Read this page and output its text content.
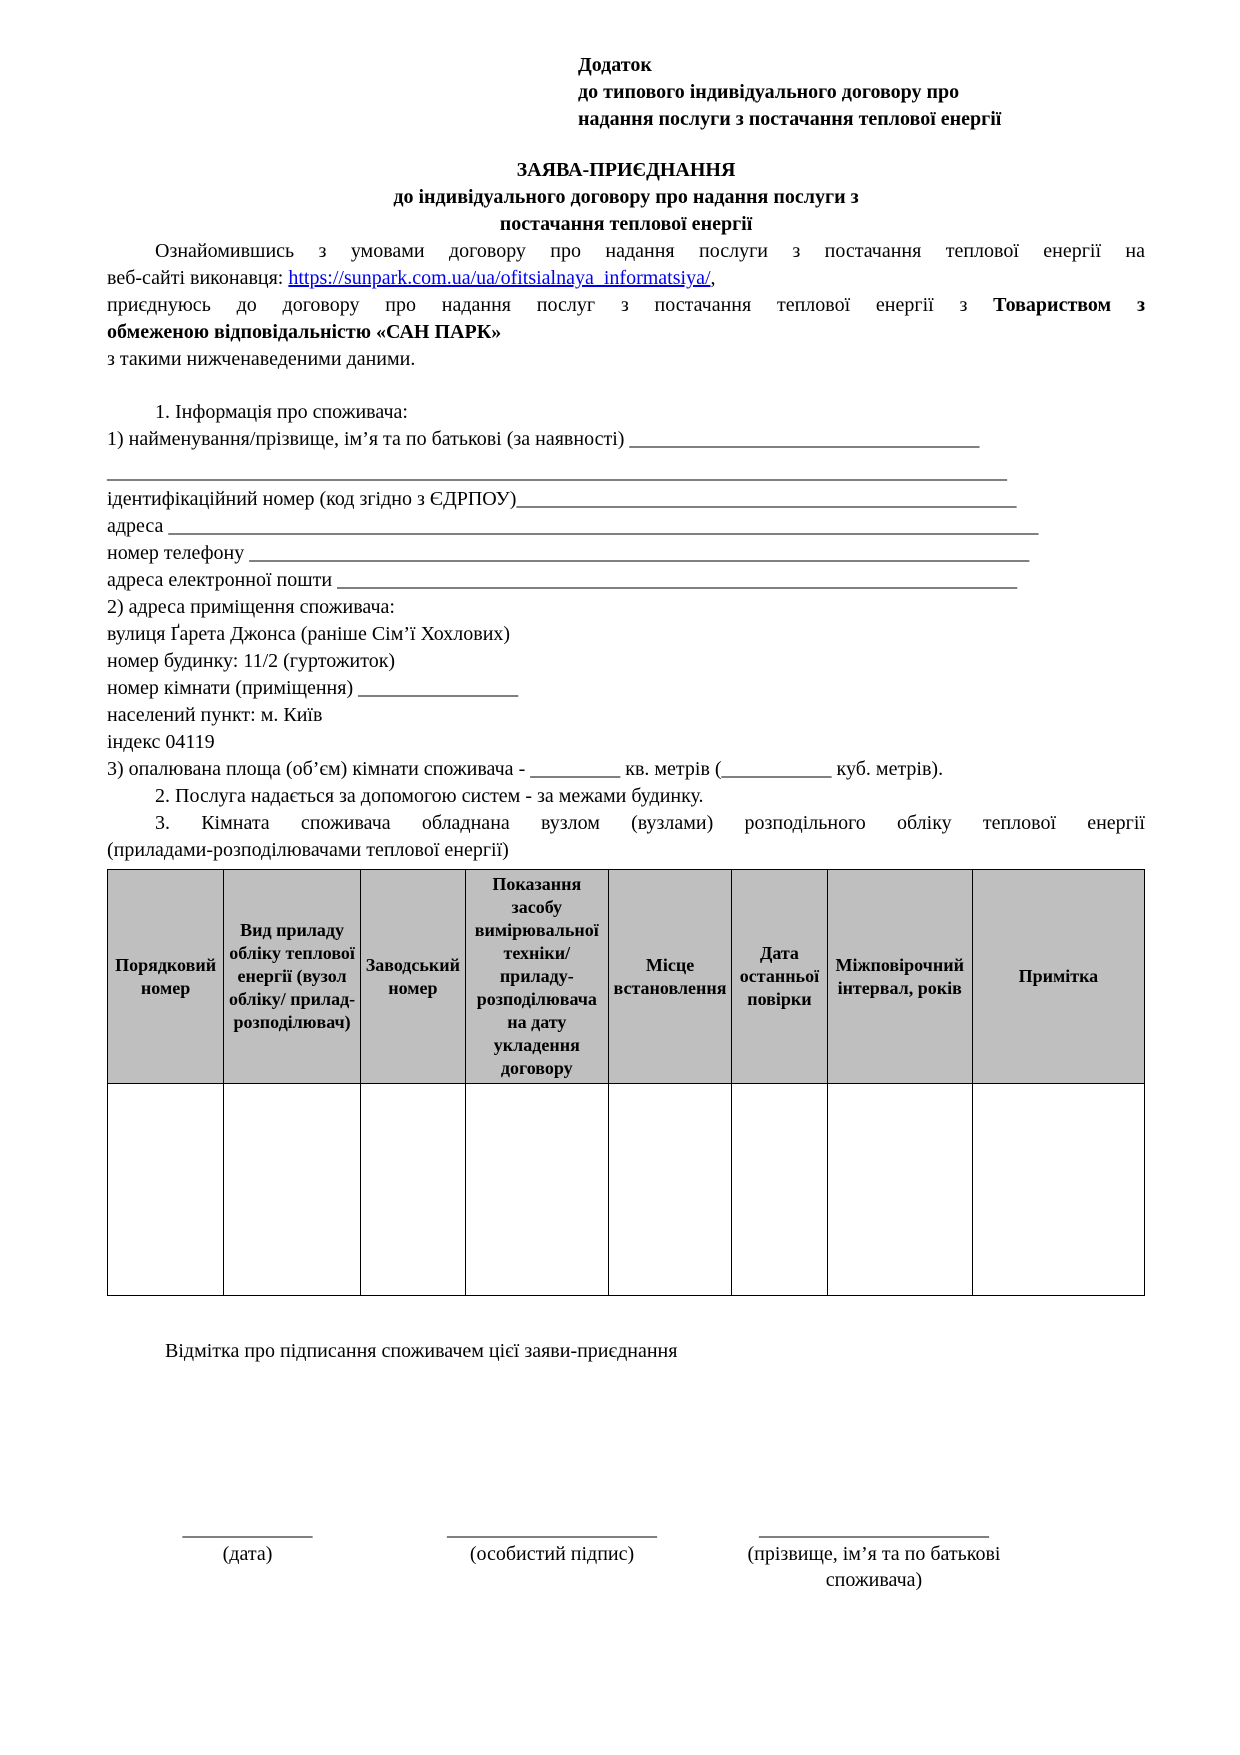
Додаток
до типового індивідуального договору про
надання послуги з постачання теплової енергії
ЗАЯВА-ПРИЄДНАННЯ
до індивідуального договору про надання послуги з
постачання теплової енергії
Ознайомившись з умовами договору про надання послуги з постачання теплової енергії на
веб-сайті виконавця: https://sunpark.com.ua/ua/ofitsialnaya_informatsiya/,
приєднуюсь до договору про надання послуг з постачання теплової енергії з Товариством з
обмеженою відповідальністю «САН ПАРК»
з такими нижченаведеними даними.
1. Інформація про споживача:
1) найменування/прізвище, ім’я та по батькові (за наявності) ___________________________________
__________________________________________________________________________________________
ідентифікаційний номер (код згідно з ЄДРПОУ)__________________________________________________
адреса _______________________________________________________________________________________
номер телефону ______________________________________________________________________________
адреса електронної пошти ____________________________________________________________________
2) адреса приміщення споживача:
вулиця Ґарета Джонса (раніше Сім’ї Хохлових)
номер будинку: 11/2 (гуртожиток)
номер кімнати (приміщення) ________________
населений пункт: м. Київ
індекс 04119
3) опалювана площа (об’єм) кімнати споживача - _________ кв. метрів (___________ куб. метрів).
2. Послуга надається за допомогою систем - за межами будинку.
3. Кімната споживача обладнана вузлом (вузлами) розподільного обліку теплової енергії
(приладами-розподілювачами теплової енергії)
Порядковий номер	Вид приладу обліку теплової енергії (вузол обліку/ прилад-розподілювач)	Заводський номер	Показання засобу вимірювальної техніки/ приладу-розподілювача на дату укладення договору	Місце встановлення	Дата останньої повірки	Міжповірочний інтервал, років	Примітка

Відмітка про підписання споживачем цієї заяви-приєднання
_____________
(дата)
_____________________
(особистий підпис)
_______________________
(прізвище, ім’я та по батькові
споживача)
